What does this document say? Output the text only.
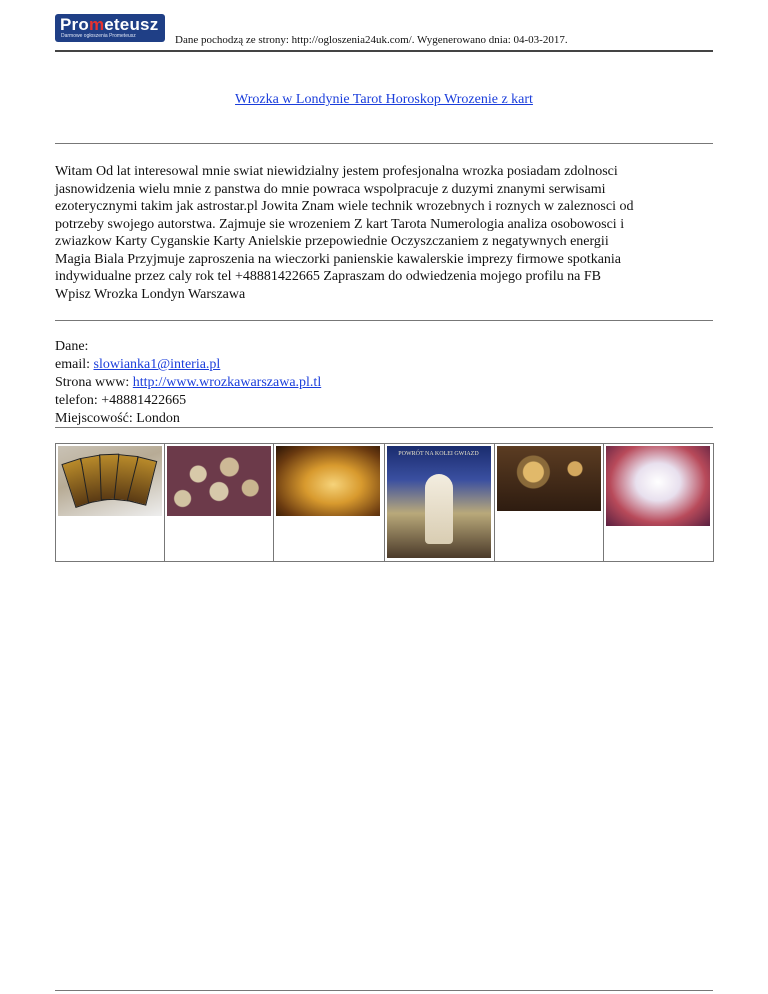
Prometeusz
Darmowe ogłoszenia Prometeusz	Dane pochodzą ze strony: http://ogloszenia24uk.com/. Wygenerowano dnia: 04-03-2017.
Wrozka w Londynie Tarot Horoskop Wrozenie z kart
Witam Od lat interesowal mnie swiat niewidzialny jestem profesjonalna wrozka posiadam zdolnosci
jasnowidzenia wielu mnie z panstwa do mnie powraca wspolpracuje z duzymi znanymi serwisami
ezoterycznymi takim jak astrostar.pl Jowita Znam wiele technik wrozebnych i roznych w zaleznosci od
potrzeby swojego autorstwa. Zajmuje sie wrozeniem Z kart Tarota Numerologia analiza osobowosci i
zwiazkow Karty Cyganskie Karty Anielskie przepowiednie Oczyszczaniem z negatywnych energii
Magia Biala Przyjmuje zaproszenia na wieczorki panienskie kawalerskie imprezy firmowe spotkania
indywidualne przez caly rok tel +48881422665 Zapraszam do odwiedzenia mojego profilu na FB
Wpisz Wrozka Londyn Warszawa
Dane:
email: slowianka1@interia.pl
Strona www: http://www.wrozkawarszawa.pl.tl
telefon: +48881422665
Miejscowość: London
POWRÓT NA KOLEI GWIAZD
